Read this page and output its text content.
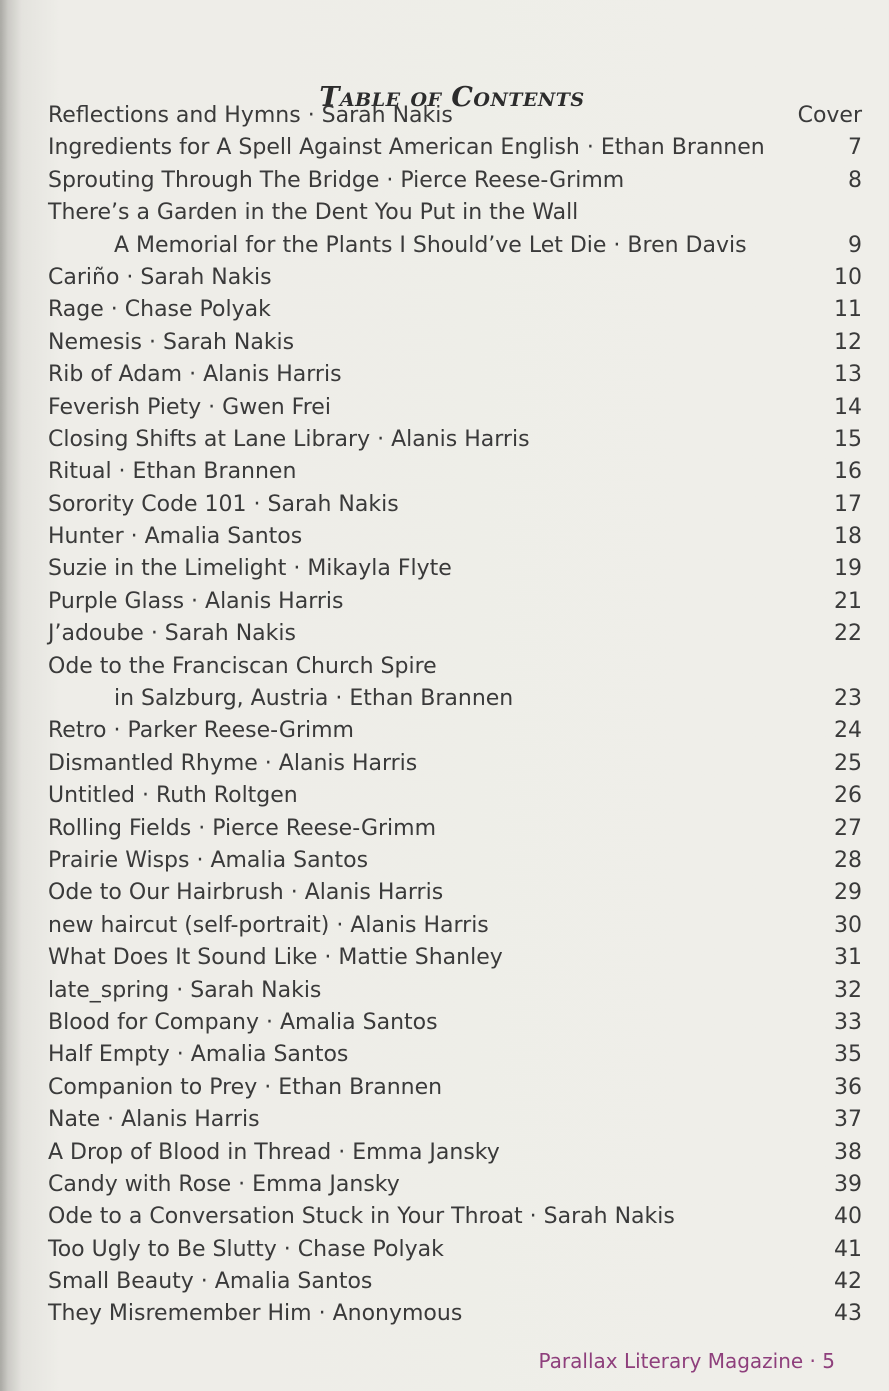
Table of Contents
Reflections and Hymns · Sarah Nakis	Cover
Ingredients for A Spell Against American English · Ethan Brannen	7
Sprouting Through The Bridge · Pierce Reese-Grimm	8
There’s a Garden in the Dent You Put in the Wall
A Memorial for the Plants I Should’ve Let Die · Bren Davis	9
Cariño · Sarah Nakis	10
Rage · Chase Polyak	11
Nemesis · Sarah Nakis	12
Rib of Adam · Alanis Harris	13
Feverish Piety · Gwen Frei	14
Closing Shifts at Lane Library · Alanis Harris	15
Ritual · Ethan Brannen	16
Sorority Code 101 · Sarah Nakis	17
Hunter · Amalia Santos	18
Suzie in the Limelight · Mikayla Flyte	19
Purple Glass · Alanis Harris	21
J’adoube · Sarah Nakis	22
Ode to the Franciscan Church Spire
in Salzburg, Austria · Ethan Brannen	23
Retro · Parker Reese-Grimm	24
Dismantled Rhyme · Alanis Harris	25
Untitled · Ruth Roltgen	26
Rolling Fields · Pierce Reese-Grimm	27
Prairie Wisps · Amalia Santos	28
Ode to Our Hairbrush · Alanis Harris	29
new haircut (self-portrait) · Alanis Harris	30
What Does It Sound Like · Mattie Shanley	31
late_spring · Sarah Nakis	32
Blood for Company · Amalia Santos	33
Half Empty · Amalia Santos	35
Companion to Prey · Ethan Brannen	36
Nate · Alanis Harris	37
A Drop of Blood in Thread · Emma Jansky	38
Candy with Rose · Emma Jansky	39
Ode to a Conversation Stuck in Your Throat · Sarah Nakis	40
Too Ugly to Be Slutty · Chase Polyak	41
Small Beauty · Amalia Santos	42
They Misremember Him · Anonymous	43
Parallax Literary Magazine · 5
